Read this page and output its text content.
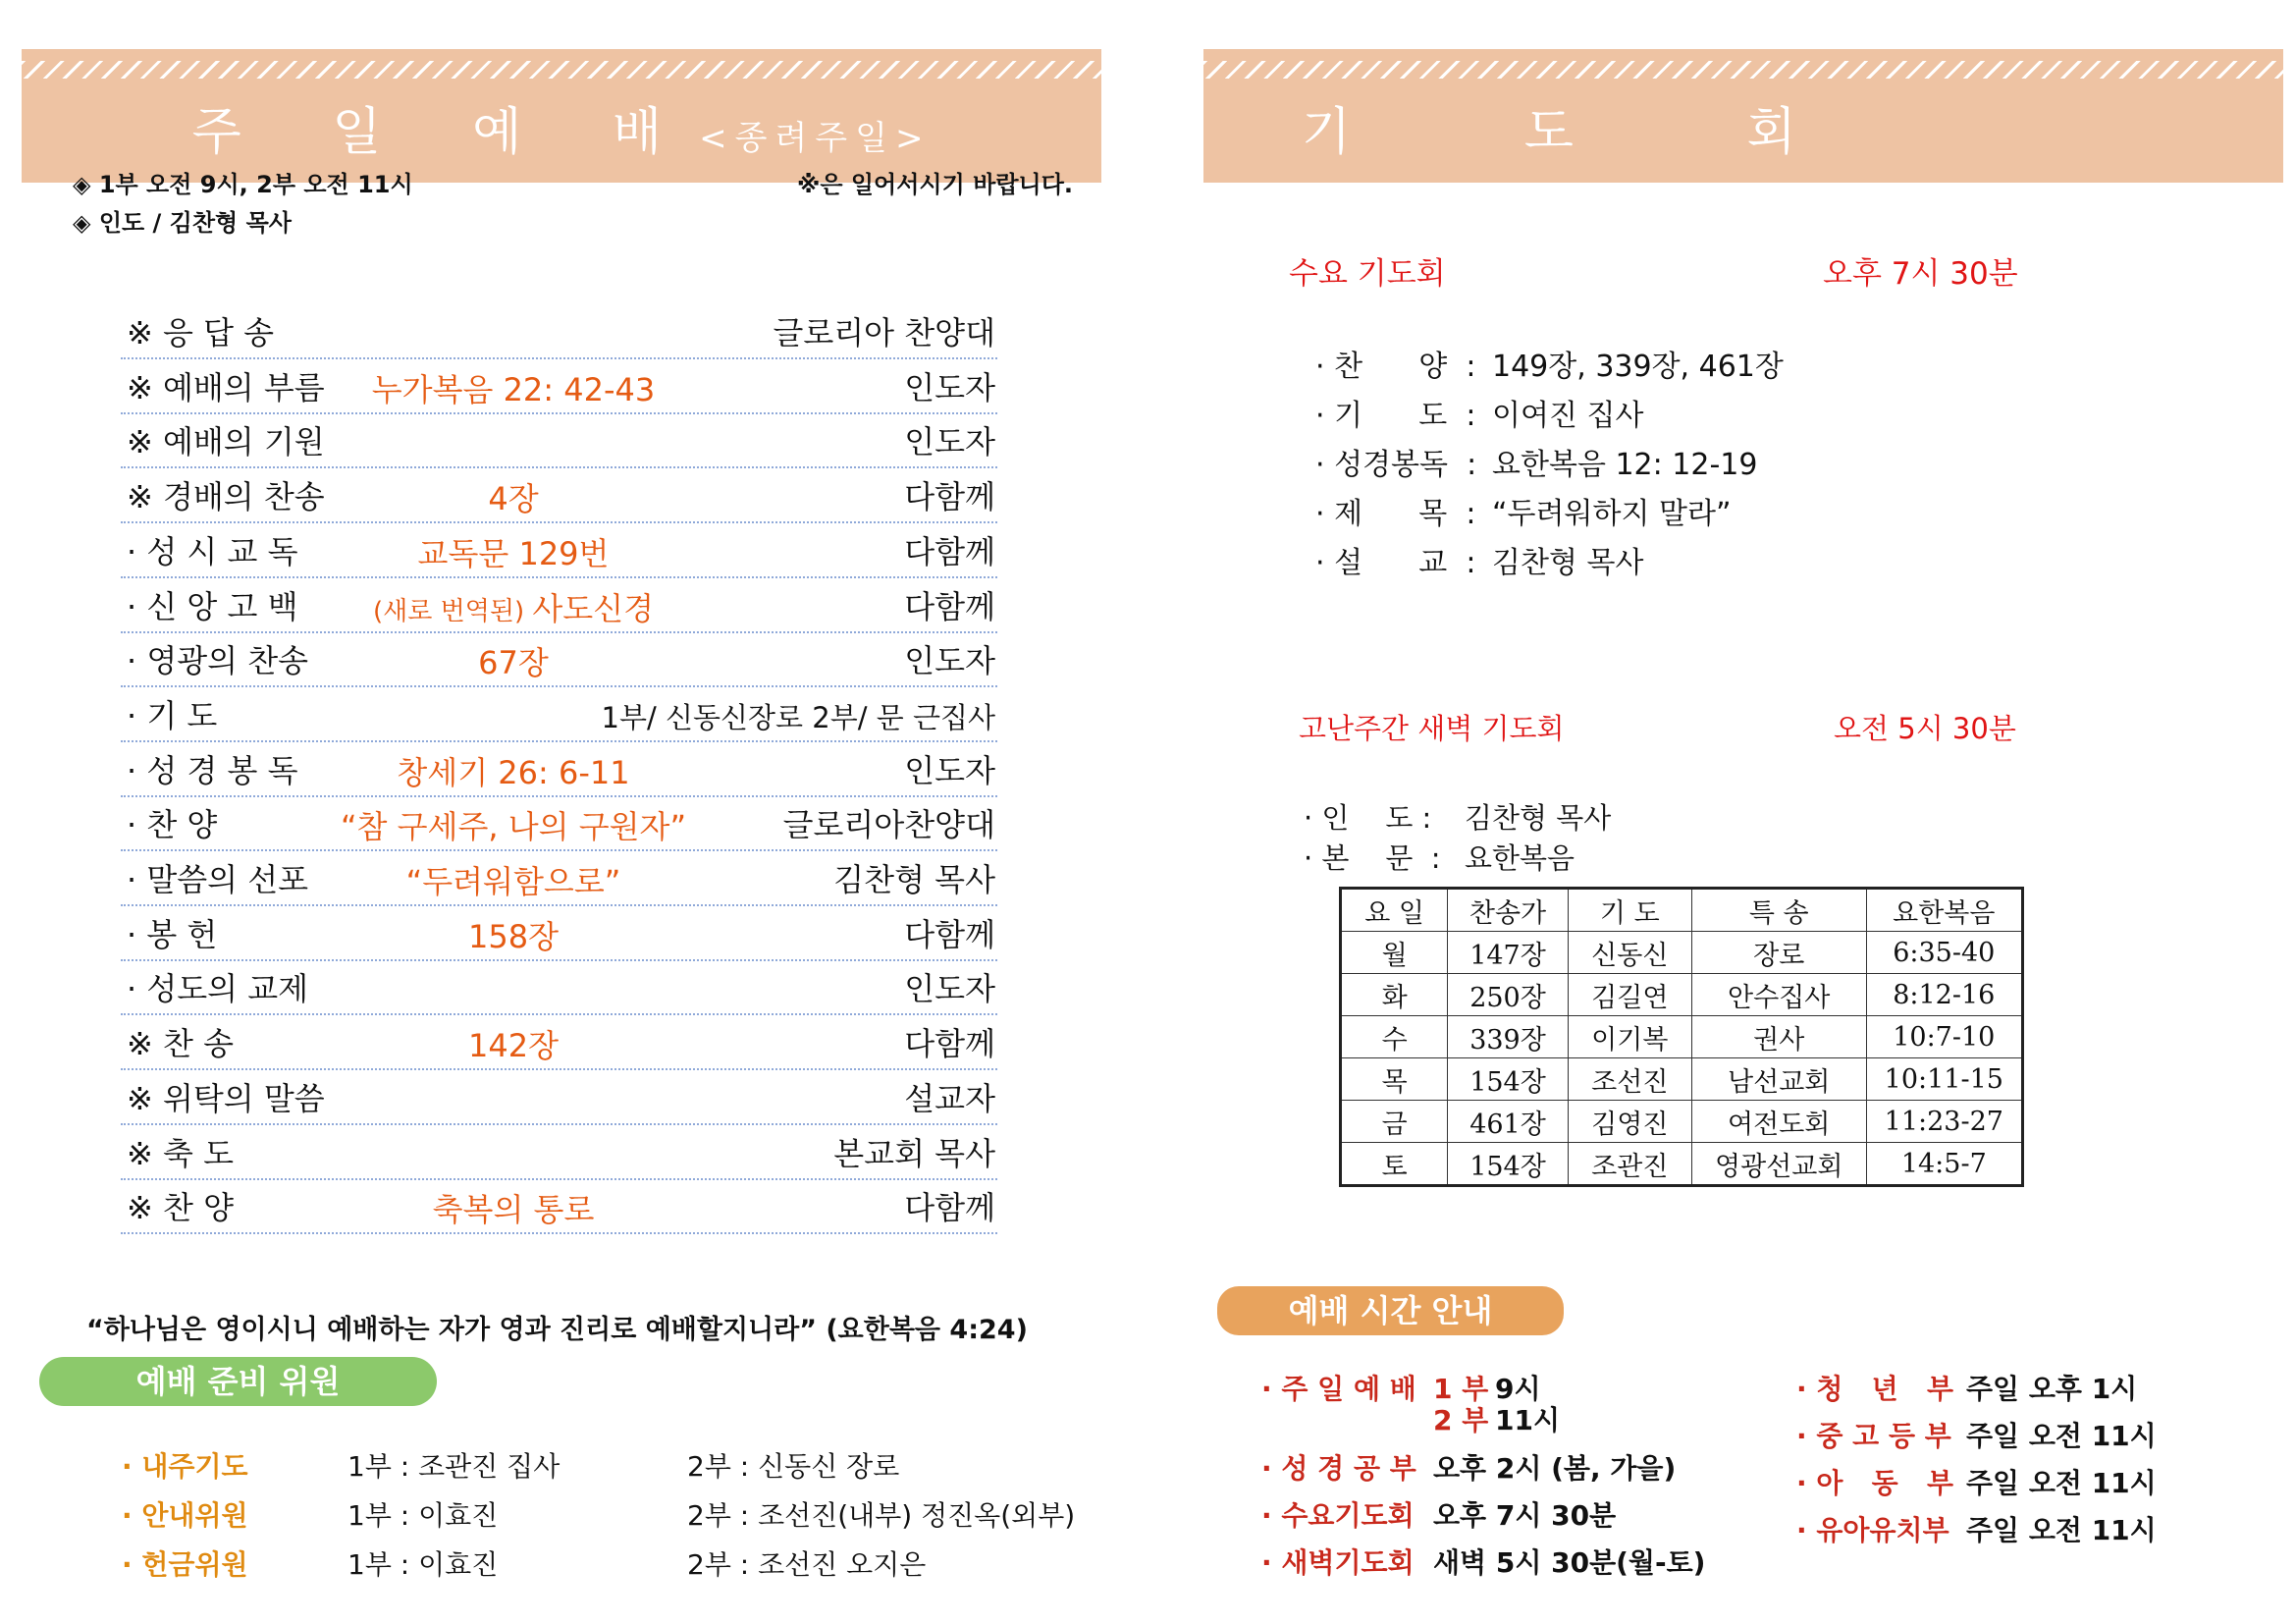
주 일 예 배<종려주일>
◈ 1부 오전 9시, 2부 오전 11시	※은 일어서시기 바랍니다.
◈ 인도 / 김찬형 목사
※ 응 답 송	글로리아 찬양대
※ 예배의 부름 누가복음 22: 42-43	인도자
※ 예배의 기원	인도자
※ 경배의 찬송	4장	다함께
· 성 시 교 독	교독문 129번	다함께
· 신 앙 고 백	(새로 번역된) 사도신경	다함께
· 영광의 찬송	67장	인도자
· 기 도	1부/ 신동신장로 2부/ 문 근집사
· 성 경 봉 독	창세기 26: 6-11	인도자
· 찬 양	“참 구세주, 나의 구원자”	글로리아찬양대
· 말씀의 선포	“두려워함으로”	김찬형 목사
· 봉 헌	158장	다함께
· 성도의 교제	인도자
※ 찬 송	142장	다함께
※ 위탁의 말씀	설교자
※ 축 도	본교회 목사
※ 찬 양	축복의 통로	다함께
“하나님은 영이시니 예배하는 자가 영과 진리로 예배할지니라” (요한복음 4:24)
예배 준비 위원
· 내주기도	1부 : 조관진 집사	2부 : 신동신 장로
· 안내위원	1부 : 이효진	2부 : 조선진(내부) 정진옥(외부)
· 헌금위원	1부 : 이효진	2부 : 조선진 오지은
기 도 회
수요 기도회	오후 7시 30분
· 찬      양  : 149장, 339장, 461장
· 기      도  : 이여진 집사
· 성경봉독  : 요한복음 12: 12-19
· 제      목  : “두려워하지 말라”
· 설      교  : 김찬형 목사
고난주간 새벽 기도회	오전 5시 30분
· 인    도 : 김찬형 목사
· 본    문  : 요한복음
요 일	찬송가	기 도	특 송	요한복음
월	147장	신동신	장로	6:35-40
화	250장	김길연	안수집사	8:12-16
수	339장	이기복	권사	10:7-10
목	154장	조선진	남선교회	10:11-15
금	461장	김영진	여전도회	11:23-27
토	154장	조관진	영광선교회	14:5-7
예배 시간 안내
· 주 일 예 배 1 부 9시
2 부 11시
· 성 경 공 부 오후 2시 (봄, 가을)
· 수요기도회 오후 7시 30분
· 새벽기도회 새벽 5시 30분(월-토)
· 청   년   부 주일 오후 1시
· 중 고 등 부 주일 오전 11시
· 아   동   부 주일 오전 11시
· 유아유치부 주일 오전 11시
